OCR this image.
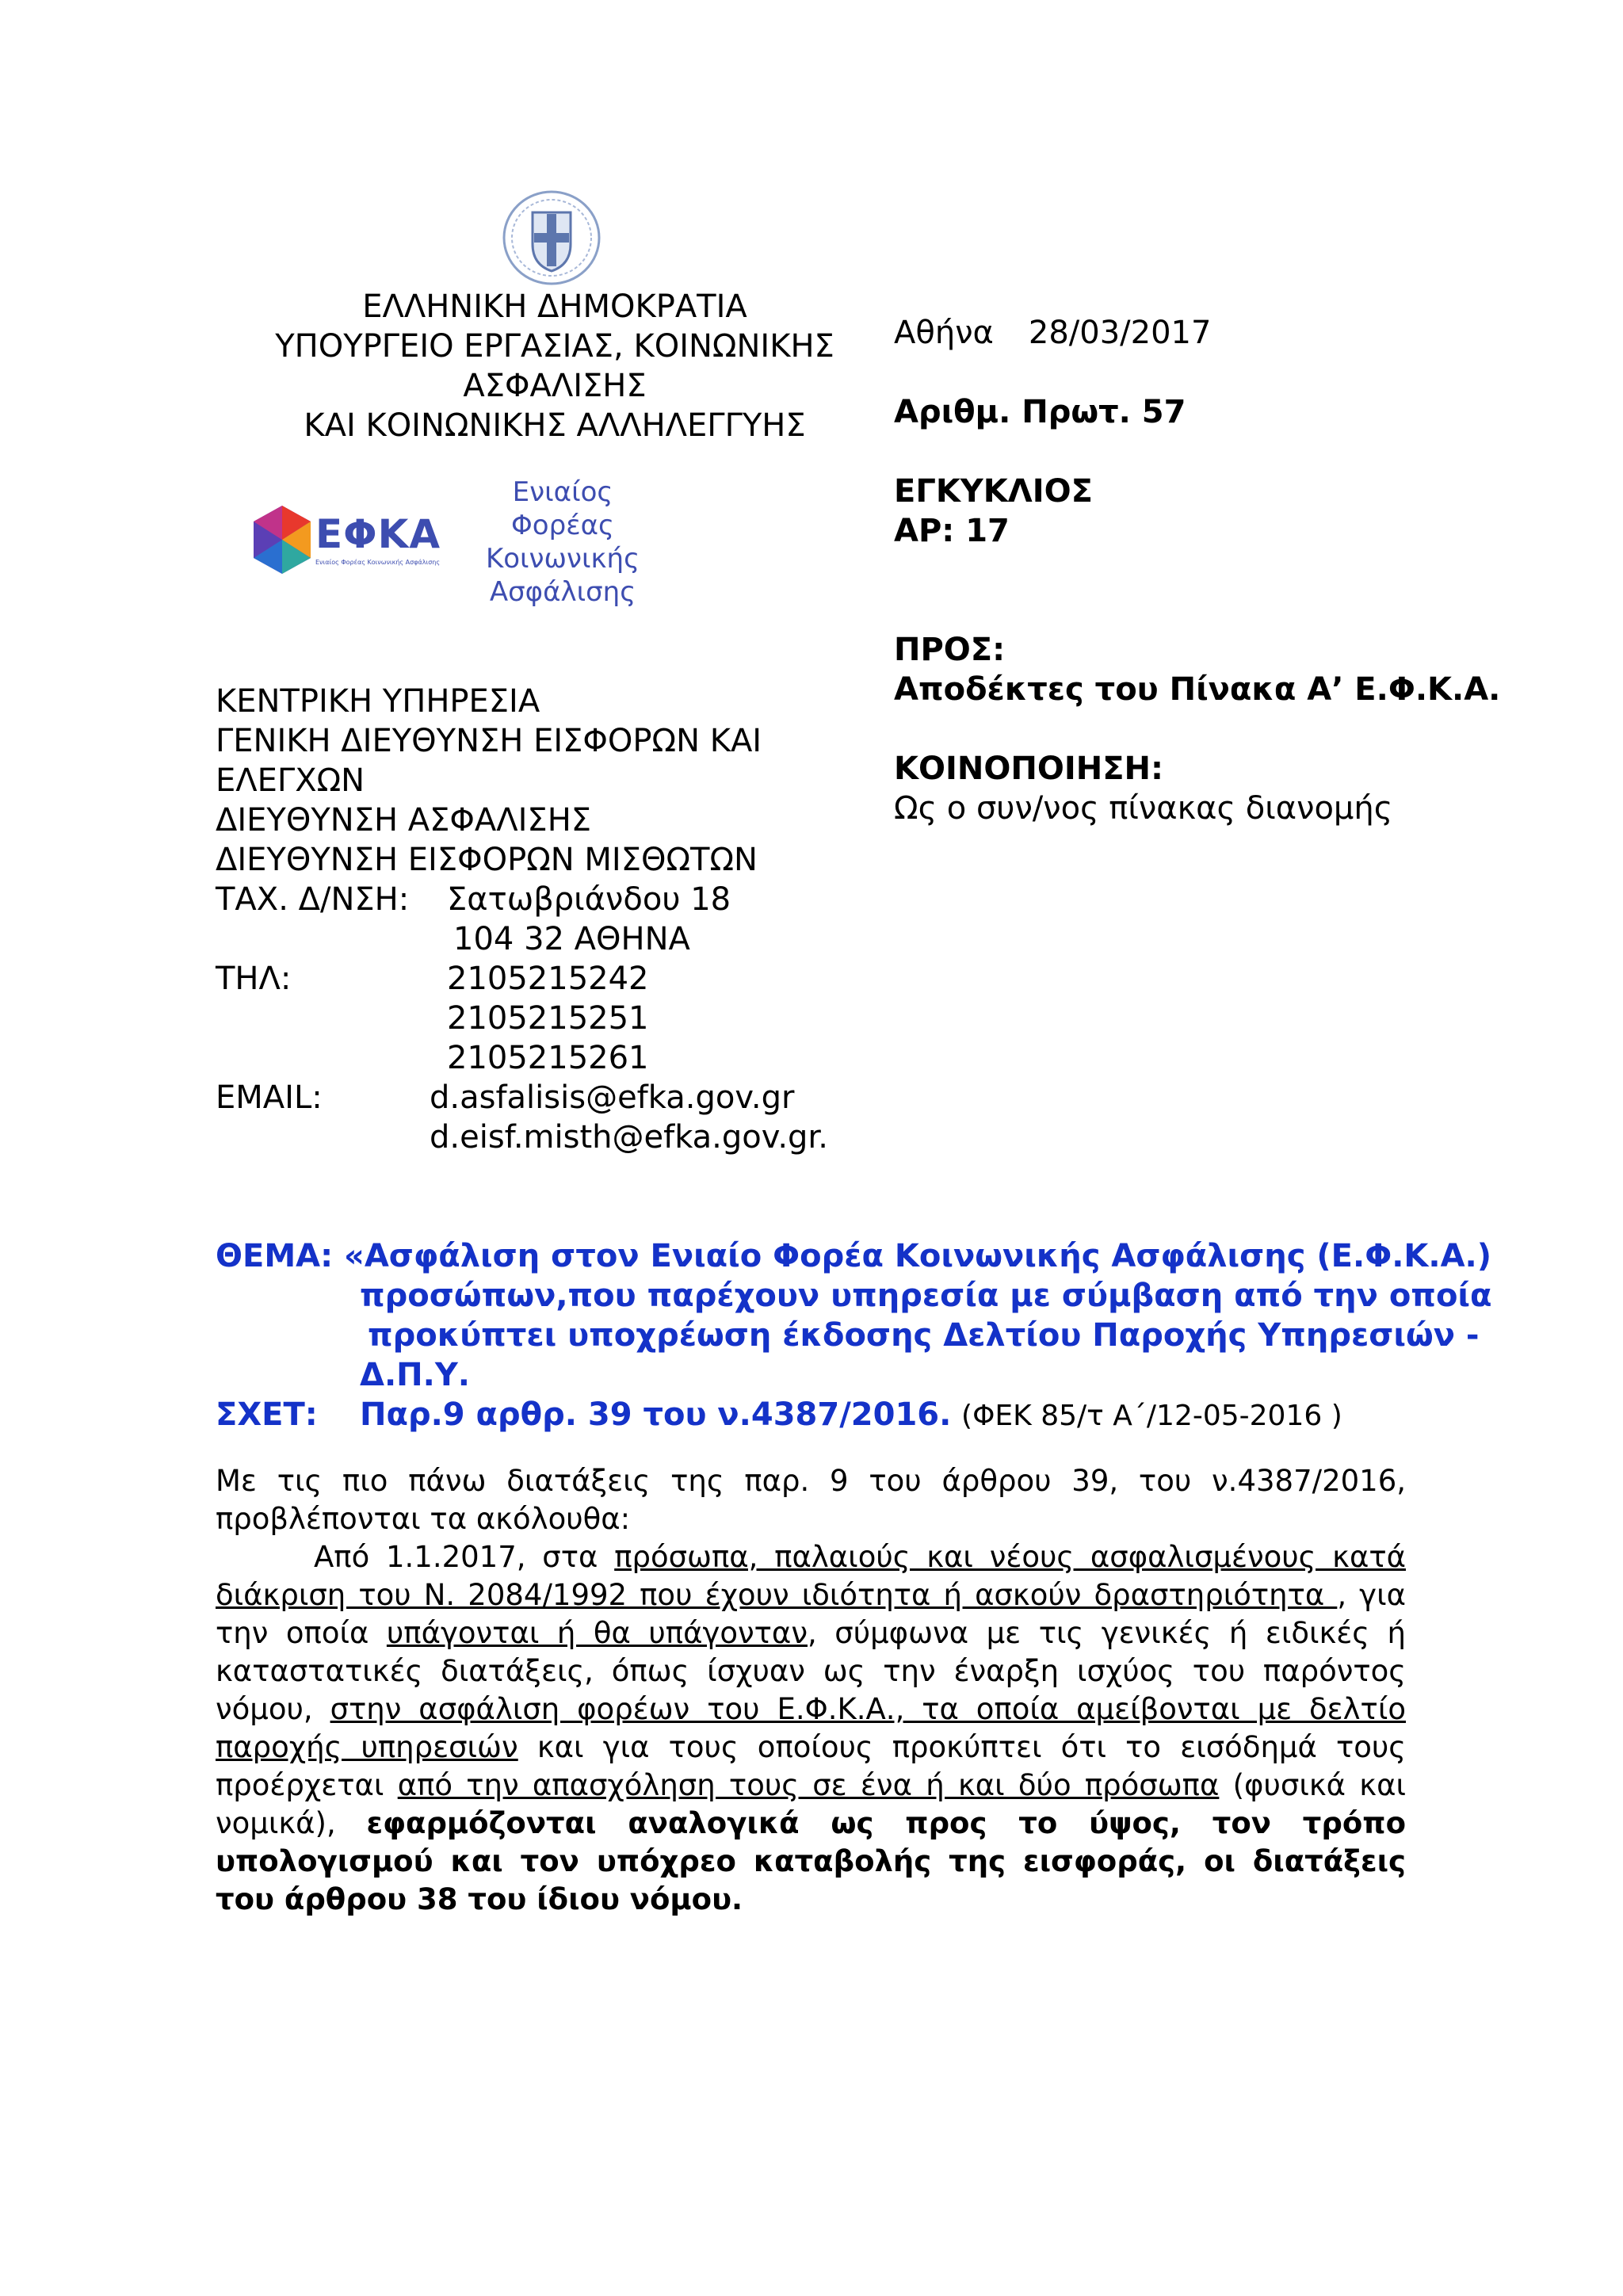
ΕΛΛΗΝΙΚΗ ΔΗΜΟΚΡΑΤΙΑ
ΥΠΟΥΡΓΕΙΟ ΕΡΓΑΣΙΑΣ, ΚΟΙΝΩΝΙΚΗΣ
ΑΣΦΑΛΙΣΗΣ
ΚΑΙ ΚΟΙΝΩΝΙΚΗΣ ΑΛΛΗΛΕΓΓΥΗΣ
ΕΦΚΑ
Ενιαίος Φορέας Κοινωνικής Ασφάλισης
Ενιαίος
Φορέας
Κοινωνικής
Ασφάλισης
Αθήνα 28/03/2017
Αριθμ. Πρωτ. 57
ΕΓΚΥΚΛΙΟΣ
ΑΡ: 17
ΠΡΟΣ:
Αποδέκτες του Πίνακα Α’ Ε.Φ.Κ.Α.
ΚΟΙΝΟΠΟΙΗΣΗ:
Ως ο συν/νος πίνακας διανομής
ΚΕΝΤΡΙΚΗ ΥΠΗΡΕΣΙΑ
ΓΕΝΙΚΗ ΔΙΕΥΘΥΝΣΗ ΕΙΣΦΟΡΩΝ ΚΑΙ
ΕΛΕΓΧΩΝ
ΔΙΕΥΘΥΝΣΗ ΑΣΦΑΛΙΣΗΣ
ΔΙΕΥΘΥΝΣΗ ΕΙΣΦΟΡΩΝ ΜΙΣΘΩΤΩΝ
ΤΑΧ. Δ/ΝΣΗ: Σατωβριάνδου 18
104 32 ΑΘΗΝΑ
ΤΗΛ:	2105215242
2105215251
2105215261
EMAIL:	d.asfalisis@efka.gov.gr
d.eisf.misth@efka.gov.gr.
ΘΕΜΑ: «Ασφάλιση στον Ενιαίο Φορέα Κοινωνικής Ασφάλισης (Ε.Φ.Κ.Α.)
προσώπων,που παρέχουν υπηρεσία με σύμβαση από την οποία
προκύπτει υποχρέωση έκδοσης Δελτίου Παροχής Υπηρεσιών -
Δ.Π.Υ.
ΣΧΕΤ: Παρ.9 αρθρ. 39 του ν.4387/2016. (ΦΕΚ 85/τ Α΄/12-05-2016 )

Με τις πιο πάνω διατάξεις της παρ. 9 του άρθρου 39, του ν.4387/2016, προβλέπονται τα ακόλουθα:

Από 1.1.2017, στα πρόσωπα, παλαιούς και νέους ασφαλισμένους κατά διάκριση του Ν. 2084/1992 που έχουν ιδιότητα ή ασκούν δραστηριότητα , για την οποία υπάγονται ή θα υπάγονταν, σύμφωνα με τις γενικές ή ειδικές ή καταστατικές διατάξεις, όπως ίσχυαν ως την έναρξη ισχύος του παρόντος νόμου, στην ασφάλιση φορέων του Ε.Φ.Κ.Α., τα οποία αμείβονται με δελτίο παροχής υπηρεσιών και για τους οποίους προκύπτει ότι το εισόδημά τους προέρχεται από την απασχόληση τους σε ένα ή και δύο πρόσωπα (φυσικά και νομικά), εφαρμόζονται αναλογικά ως προς το ύψος, τον τρόπο υπολογισμού και τον υπόχρεο καταβολής της εισφοράς, οι διατάξεις του άρθρου 38 του ίδιου νόμου.
